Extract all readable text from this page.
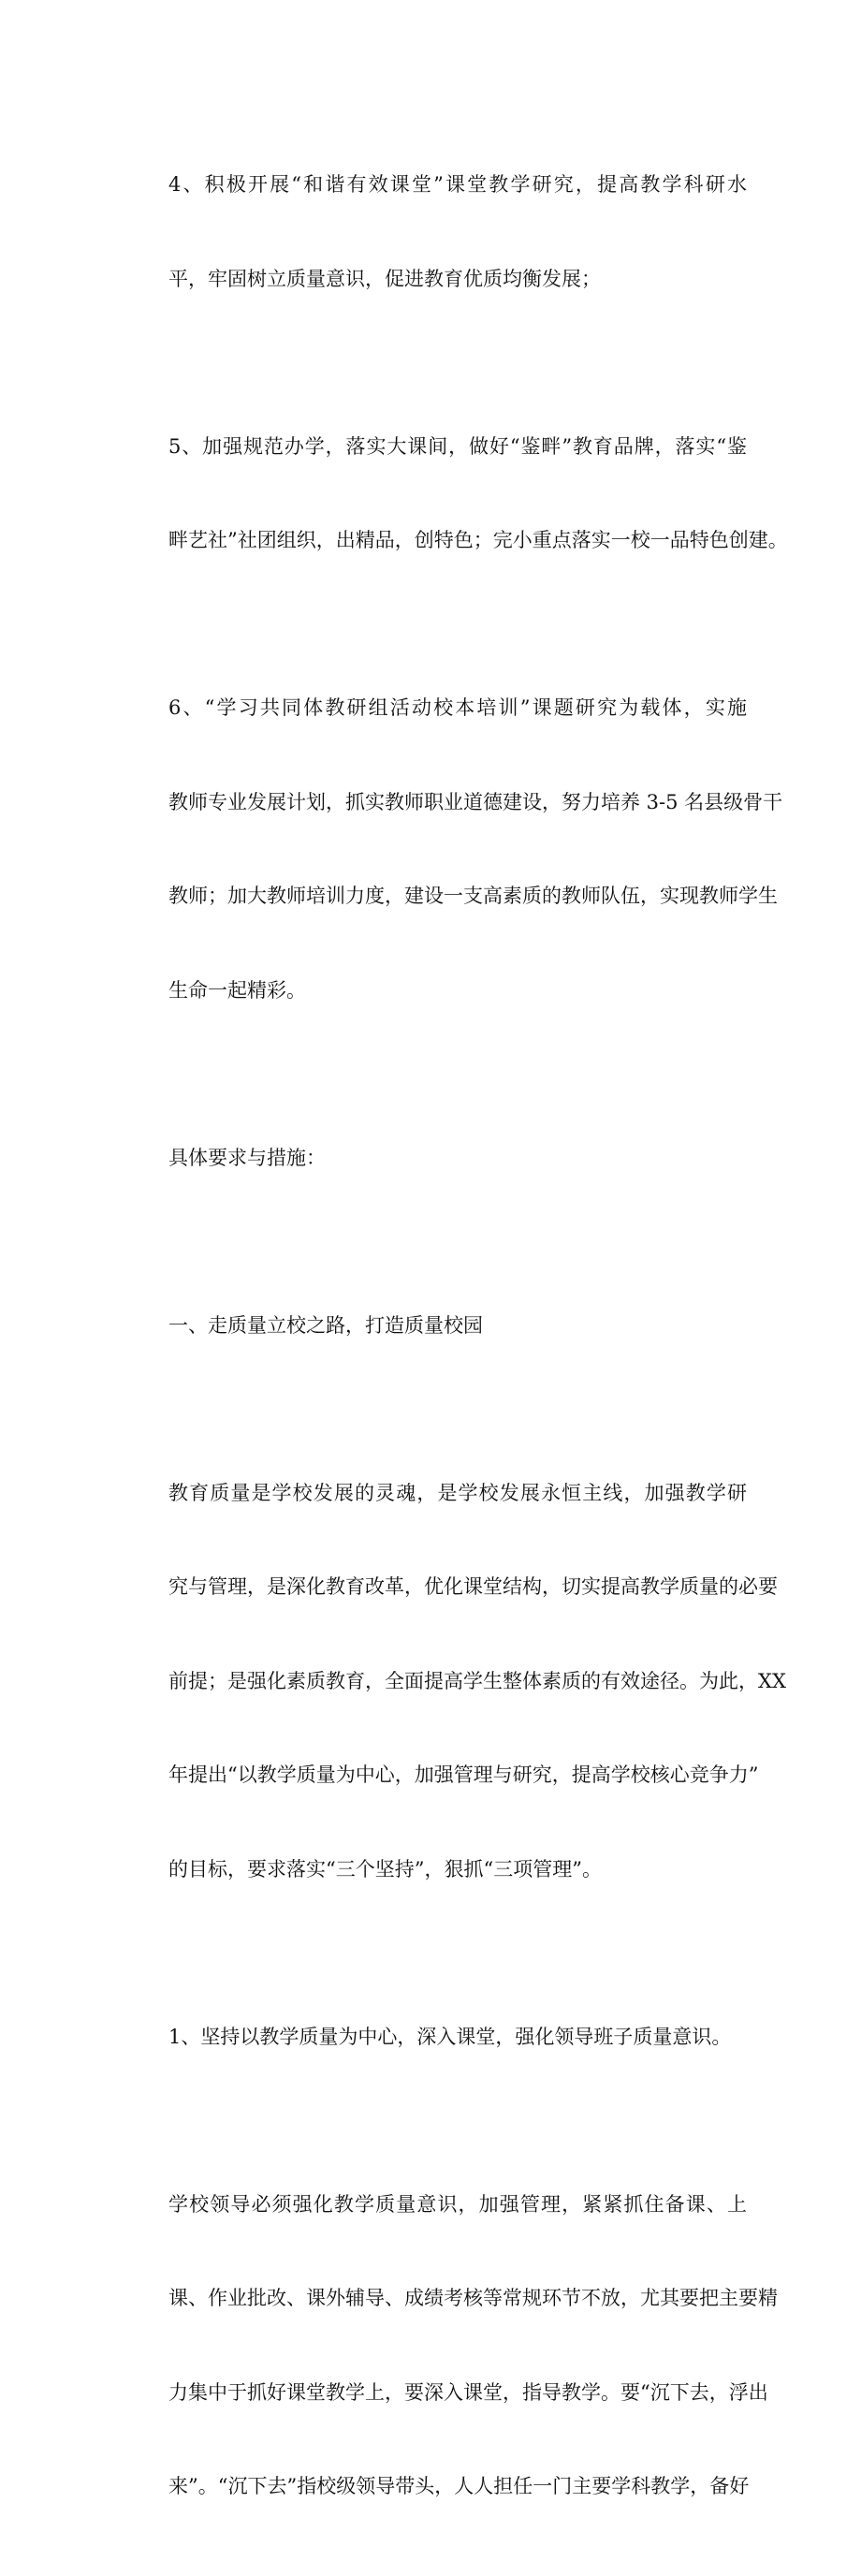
4、积极开展“和谐有效课堂”课堂教学研究，提高教学科研水

平，牢固树立质量意识，促进教育优质均衡发展；

5、加强规范办学，落实大课间，做好“鉴畔”教育品牌，落实“鉴

畔艺社”社团组织，出精品，创特色；完小重点落实一校一品特色创建。

6、“学习共同体教研组活动校本培训”课题研究为载体，实施

教师专业发展计划，抓实教师职业道德建设，努力培养 3-5 名县级骨干

教师；加大教师培训力度，建设一支高素质的教师队伍，实现教师学生

生命一起精彩。

具体要求与措施：

一、走质量立校之路，打造质量校园

教育质量是学校发展的灵魂，是学校发展永恒主线，加强教学研

究与管理，是深化教育改革，优化课堂结构，切实提高教学质量的必要

前提；是强化素质教育，全面提高学生整体素质的有效途径。为此，XX

年提出“以教学质量为中心，加强管理与研究，提高学校核心竞争力”

的目标，要求落实“三个坚持”，狠抓“三项管理”。

1、坚持以教学质量为中心，深入课堂，强化领导班子质量意识。

学校领导必须强化教学质量意识，加强管理，紧紧抓住备课、上

课、作业批改、课外辅导、成绩考核等常规环节不放，尤其要把主要精

力集中于抓好课堂教学上，要深入课堂，指导教学。要“沉下去，浮出

来”。“沉下去”指校级领导带头，人人担任一门主要学科教学，备好
